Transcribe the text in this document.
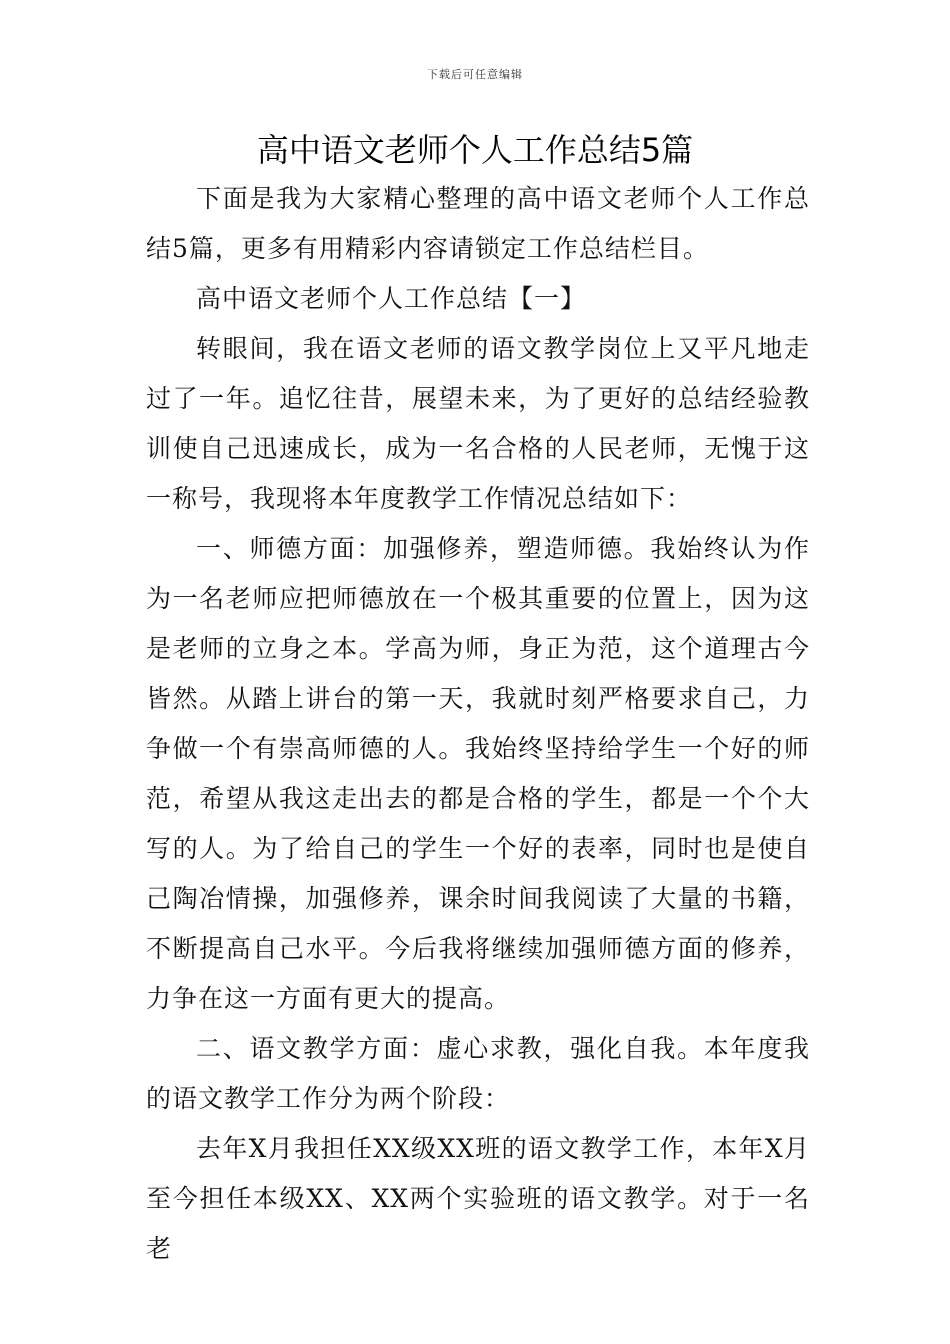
下载后可任意编辑
高中语文老师个人工作总结5篇

下面是我为大家精心整理的高中语文老师个人工作总结5篇，更多有用精彩内容请锁定工作总结栏目。

高中语文老师个人工作总结【一】

转眼间，我在语文老师的语文教学岗位上又平凡地走过了一年。追忆往昔，展望未来，为了更好的总结经验教训使自己迅速成长，成为一名合格的人民老师，无愧于这一称号，我现将本年度教学工作情况总结如下：

一、师德方面：加强修养，塑造师德。我始终认为作为一名老师应把师德放在一个极其重要的位置上，因为这是老师的立身之本。学高为师，身正为范，这个道理古今皆然。从踏上讲台的第一天，我就时刻严格要求自己，力争做一个有崇高师德的人。我始终坚持给学生一个好的师范，希望从我这走出去的都是合格的学生，都是一个个大写的人。为了给自己的学生一个好的表率，同时也是使自己陶冶情操，加强修养，课余时间我阅读了大量的书籍，不断提高自己水平。今后我将继续加强师德方面的修养，力争在这一方面有更大的提高。

二、语文教学方面：虚心求教，强化自我。本年度我的语文教学工作分为两个阶段：

去年X月我担任XX级XX班的语文教学工作，本年X月至今担任本级XX、XX两个实验班的语文教学。对于一名老
